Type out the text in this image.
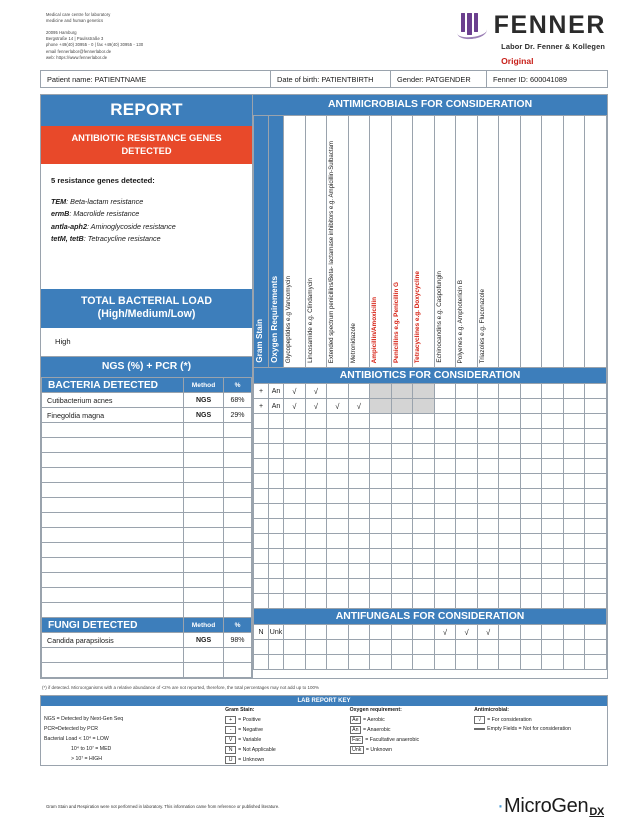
Medical care centre for laboratory
medicine and human genetics
20095 Hamburg
Bergstraße 14 | Paulsstraße 3
phone +49(40) 30955 - 0 | fax +49(40) 30955 - 130
email fennerlabor@fennerlabor.de
web: https://www.fennerlabor.de
FENNER
Labor Dr. Fenner & Kollegen
Original
Patient name: PATIENTNAME	Date of birth: PATIENTBIRTH	Gender: PATGENDER	Fenner ID: 600041089
REPORT
ANTIBIOTIC RESISTANCE GENES DETECTED
5 resistance genes detected:
TEM: Beta-lactam resistance
ermB: Macrolide resistance
antla-aph2: Aminoglycoside resistance
tetM, tetB: Tetracycline resistance
TOTAL BACTERIAL LOAD
(High/Medium/Low)
High
NGS (%) + PCR (*)
BACTERIA DETECTED	Method	%
Cutibacterium acnes	NGS	68%
Finegoldia magna	NGS	29%

FUNGI DETECTED	Method	%
Candida parapsilosis	NGS	98%

ANTIMICROBIALS FOR CONSIDERATION
Gram Stain	Oxygen Requirements	Glycopeptides e.g Vancomycin	Lincosamide e.g. Clindamycin	Extended spectrum penicillins/Beta- lactamase inhibitors e.g. Ampicillin-Sulbactam	Metronidazole	Ampicillin/Amoxicillin	Penicillins e.g. Penicillin G	Tetracyclines e.g. Doxycycline	Echinocandins e.g. Caspofungin	Polyenes e.g. Amphotericin B	Triazoles e.g. Fluconazole					

ANTIBIOTICS FOR CONSIDERATION																
+	An	√	√													
+	An	√	√	√	√											

ANTIFUNGALS FOR CONSIDERATION																
N	Unk								√	√	√					

(*) if detected. Microorganisms with a relative abundance of <2% are not reported, therefore, the total percentages may not add up to 100%
LAB REPORT KEY
	Gram Stain:	Oxygen requirement:	Antimicrobial:
NGS = Detected by Next-Gen Seq	+ = Positive	Ae = Aerobic	√ = For consideration
PCR=Detected by PCR	- = Negative	An = Anaerobic	Empty Fields = Not for consideration
Bacterial Load < 10⁴ = LOW	V = Variable	Fac = Facultative anaerobic	
10⁴ to 10⁷ = MED	N = Not Applicable	Unk = Unknown	
> 10⁷ = HIGH	U = Unknown		
Gram Stain and Respiration were not performed in laboratory. This information came from reference or published literature.	∙ MicroGen DX
